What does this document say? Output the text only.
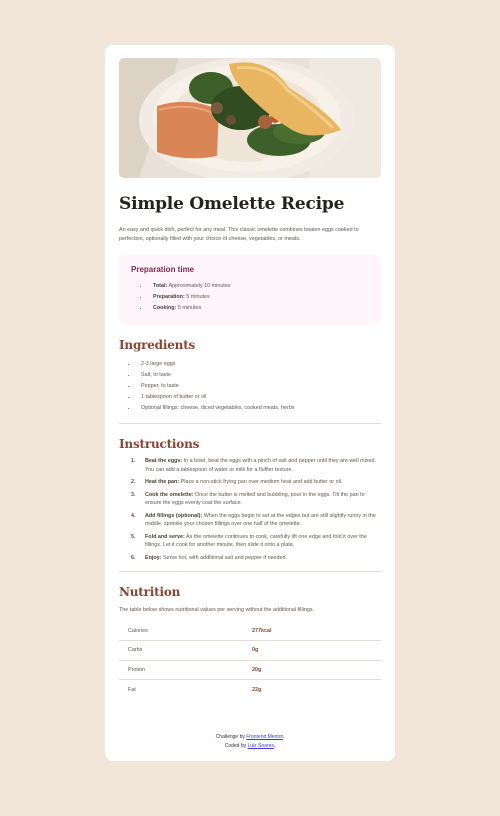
Simple Omelette Recipe

An easy and quick dish, perfect for any meal. This classic omelette combines beaten eggs cooked to perfection, optionally filled with your choice of cheese, vegetables, or meats.

Preparation time
• Total: Approximately 10 minutes
• Preparation: 5 minutes
• Cooking: 5 minutes
Ingredients
• 2-3 large eggs
• Salt, to taste
• Pepper, to taste
• 1 tablespoon of butter or oil
• Optional fillings: cheese, diced vegetables, cooked meats, herbs
Instructions
1. Beat the eggs: In a bowl, beat the eggs with a pinch of salt and pepper until they are well mixed. You can add a tablespoon of water or milk for a fluffier texture.
2. Heat the pan: Place a non-stick frying pan over medium heat and add butter or oil.
3. Cook the omelette: Once the butter is melted and bubbling, pour in the eggs. Tilt the pan to ensure the eggs evenly coat the surface.
4. Add fillings (optional): When the eggs begin to set at the edges but are still slightly runny in the middle, sprinkle your chosen fillings over one half of the omelette.
5. Fold and serve: As the omelette continues to cook, carefully lift one edge and fold it over the fillings. Let it cook for another minute, then slide it onto a plate.
6. Enjoy: Serve hot, with additional salt and pepper if needed.
Nutrition

The table below shows nutritional values per serving without the additional fillings.

Calories	277kcal
Carbs	0g
Protein	20g
Fat	22g
Challenge by Frontend Mentor.
Coded by Luiz Soares.
